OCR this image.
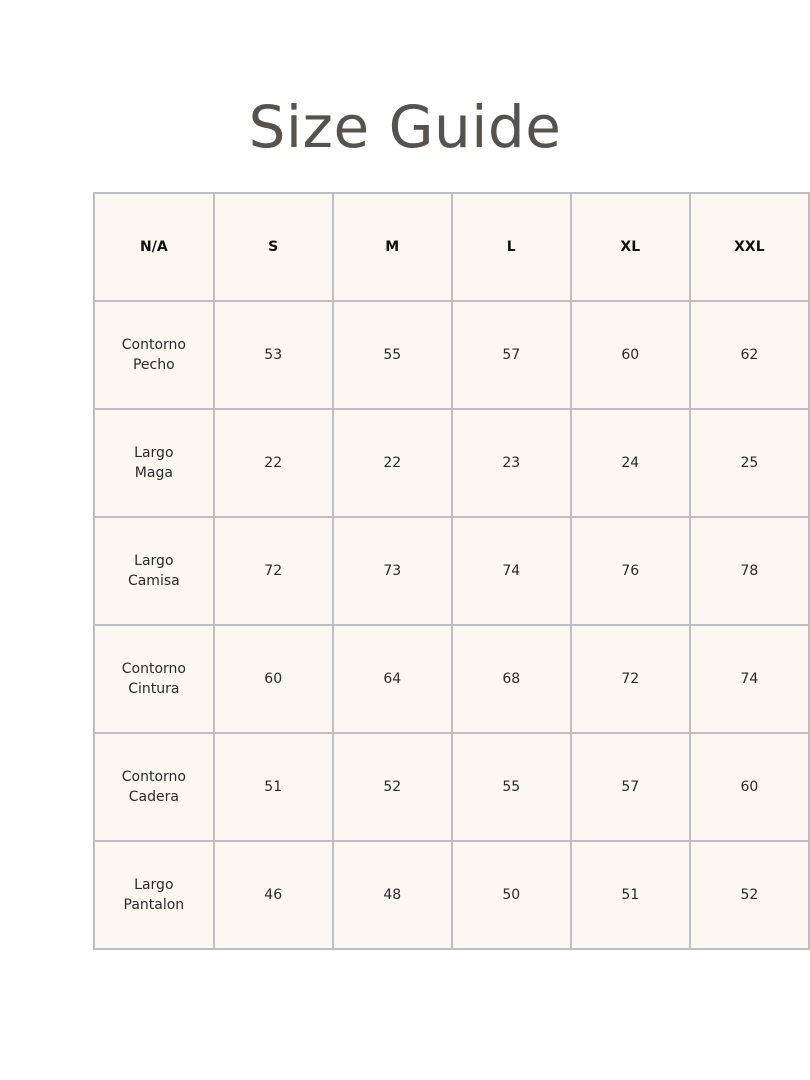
Size Guide
N/A	S	M	L	XL	XXL
Contorno Pecho	53	55	57	60	62
Largo Maga	22	22	23	24	25
Largo Camisa	72	73	74	76	78
Contorno Cintura	60	64	68	72	74
Contorno Cadera	51	52	55	57	60
Largo Pantalon	46	48	50	51	52
